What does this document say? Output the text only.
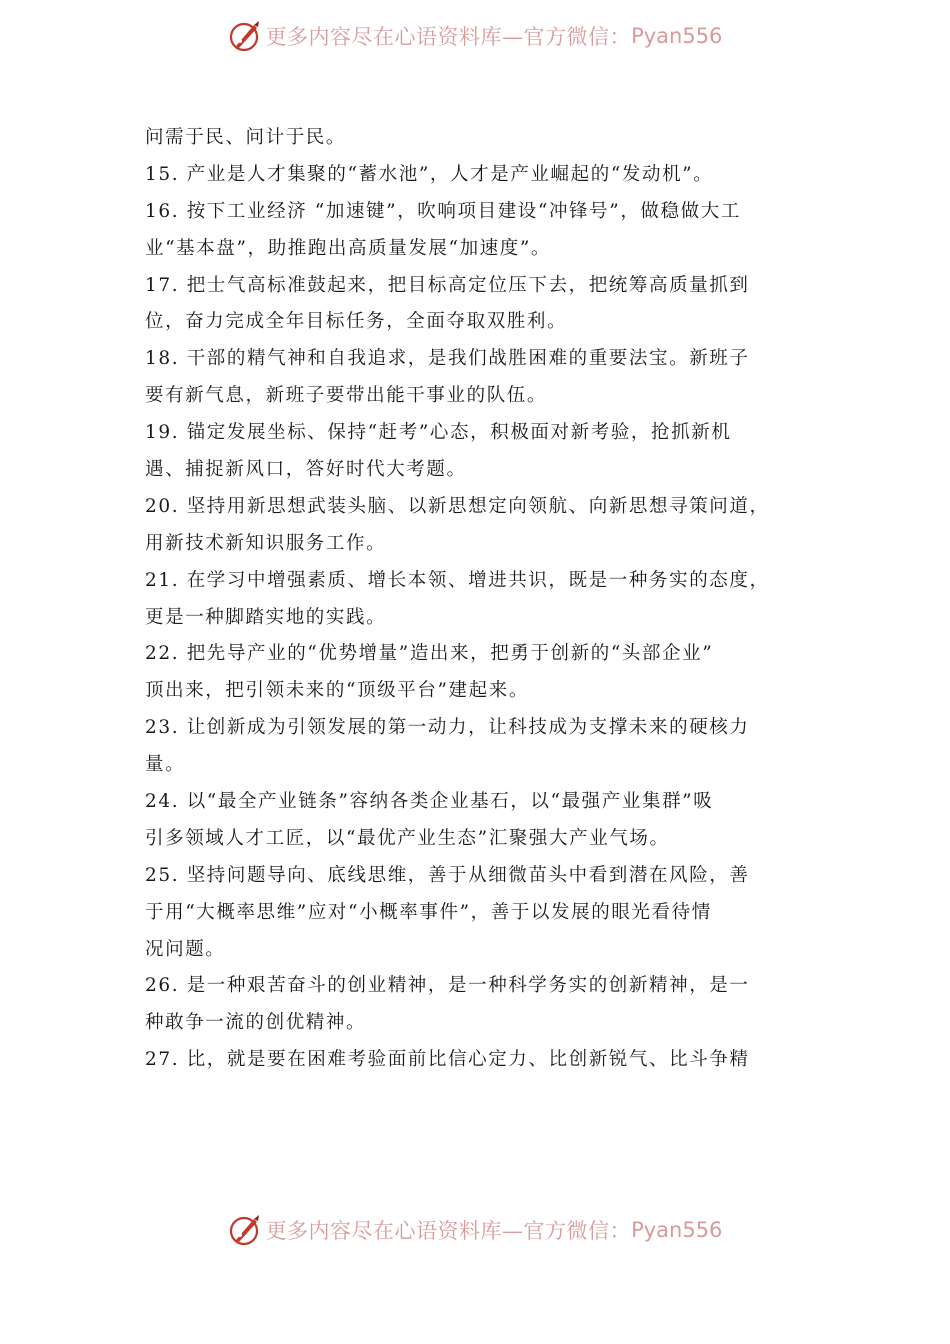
更多内容尽在心语资料库—官方微信： Pyan556
问需于民、问计于民。
15. 产业是人才集聚的“蓄水池”，人才是产业崛起的“发动机”。
16. 按下工业经济 “加速键”，吹响项目建设“冲锋号”，做稳做大工
业“基本盘”，助推跑出高质量发展“加速度”。
17. 把士气高标准鼓起来，把目标高定位压下去，把统筹高质量抓到
位，奋力完成全年目标任务，全面夺取双胜利。
18. 干部的精气神和自我追求，是我们战胜困难的重要法宝。新班子
要有新气息，新班子要带出能干事业的队伍。
19. 锚定发展坐标、保持“赶考”心态，积极面对新考验，抢抓新机
遇、捕捉新风口，答好时代大考题。
20. 坚持用新思想武装头脑、以新思想定向领航、向新思想寻策问道，
用新技术新知识服务工作。
21. 在学习中增强素质、增长本领、增进共识，既是一种务实的态度，
更是一种脚踏实地的实践。
22. 把先导产业的“优势增量”造出来，把勇于创新的“头部企业”
顶出来，把引领未来的“顶级平台”建起来。
23. 让创新成为引领发展的第一动力，让科技成为支撑未来的硬核力
量。
24. 以“最全产业链条”容纳各类企业基石，以“最强产业集群”吸
引多领域人才工匠，以“最优产业生态”汇聚强大产业气场。
25. 坚持问题导向、底线思维，善于从细微苗头中看到潜在风险，善
于用“大概率思维”应对“小概率事件”，善于以发展的眼光看待情
况问题。
26. 是一种艰苦奋斗的创业精神，是一种科学务实的创新精神，是一
种敢争一流的创优精神。
27. 比，就是要在困难考验面前比信心定力、比创新锐气、比斗争精
更多内容尽在心语资料库—官方微信： Pyan556
